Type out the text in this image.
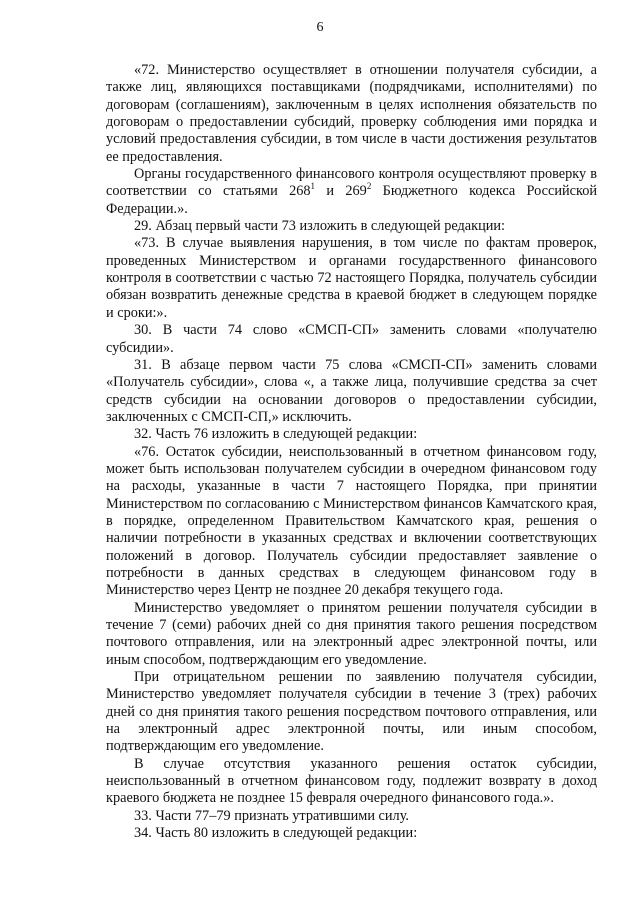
6

«72. Министерство осуществляет в отношении получателя субсидии, а также лиц, являющихся поставщиками (подрядчиками, исполнителями) по договорам (соглашениям), заключенным в целях исполнения обязательств по договорам о предоставлении субсидий, проверку соблюдения ими порядка и условий предоставления субсидии, в том числе в части достижения результатов ее предоставления.

Органы государственного финансового контроля осуществляют проверку в соответствии со статьями $268^1$ и $269^2$ Бюджетного кодекса Российской Федерации.».

29. Абзац первый части 73 изложить в следующей редакции:

«73. В случае выявления нарушения, в том числе по фактам проверок, проведенных Министерством и органами государственного финансового контроля в соответствии с частью 72 настоящего Порядка, получатель субсидии обязан возвратить денежные средства в краевой бюджет в следующем порядке и сроки:».

30. В части 74 слово «СМСП-СП» заменить словами «получателю субсидии».

31. В абзаце первом части 75 слова «СМСП-СП» заменить словами «Получатель субсидии», слова «, а также лица, получившие средства за счет средств субсидии на основании договоров о предоставлении субсидии, заключенных с СМСП-СП,» исключить.

32. Часть 76 изложить в следующей редакции:

«76. Остаток субсидии, неиспользованный в отчетном финансовом году, может быть использован получателем субсидии в очередном финансовом году на расходы, указанные в части 7 настоящего Порядка, при принятии Министерством по согласованию с Министерством финансов Камчатского края, в порядке, определенном Правительством Камчатского края, решения о наличии потребности в указанных средствах и включении соответствующих положений в договор. Получатель субсидии предоставляет заявление о потребности в данных средствах в следующем финансовом году в Министерство через Центр не позднее 20 декабря текущего года.

Министерство уведомляет о принятом решении получателя субсидии в течение 7 (семи) рабочих дней со дня принятия такого решения посредством почтового отправления, или на электронный адрес электронной почты, или иным способом, подтверждающим его уведомление.

При отрицательном решении по заявлению получателя субсидии, Министерство уведомляет получателя субсидии в течение 3 (трех) рабочих дней со дня принятия такого решения посредством почтового отправления, или на электронный адрес электронной почты, или иным способом, подтверждающим его уведомление.

В случае отсутствия указанного решения остаток субсидии, неиспользованный в отчетном финансовом году, подлежит возврату в доход краевого бюджета не позднее 15 февраля очередного финансового года.».

33. Части 77–79 признать утратившими силу.

34. Часть 80 изложить в следующей редакции:
